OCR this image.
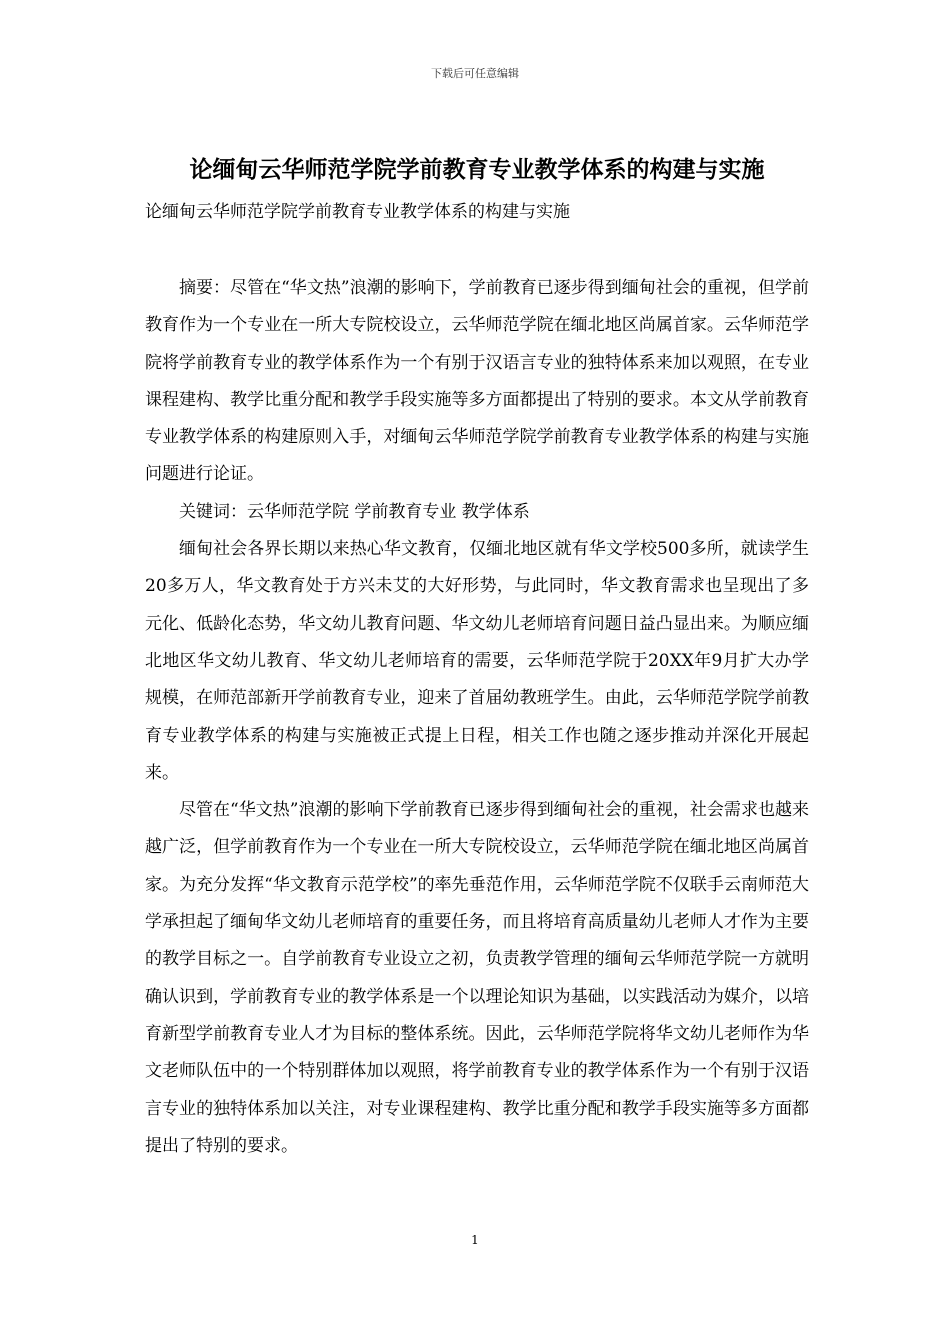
下载后可任意编辑
论缅甸云华师范学院学前教育专业教学体系的构建与实施
论缅甸云华师范学院学前教育专业教学体系的构建与实施

摘要：尽管在“华文热”浪潮的影响下，学前教育已逐步得到缅甸社会的重视，但学前教育作为一个专业在一所大专院校设立，云华师范学院在缅北地区尚属首家。云华师范学院将学前教育专业的教学体系作为一个有别于汉语言专业的独特体系来加以观照，在专业课程建构、教学比重分配和教学手段实施等多方面都提出了特别的要求。本文从学前教育专业教学体系的构建原则入手，对缅甸云华师范学院学前教育专业教学体系的构建与实施问题进行论证。

关键词：云华师范学院 学前教育专业 教学体系

缅甸社会各界长期以来热心华文教育，仅缅北地区就有华文学校500多所，就读学生20多万人，华文教育处于方兴未艾的大好形势，与此同时，华文教育需求也呈现出了多元化、低龄化态势，华文幼儿教育问题、华文幼儿老师培育问题日益凸显出来。为顺应缅北地区华文幼儿教育、华文幼儿老师培育的需要，云华师范学院于20XX年9月扩大办学规模，在师范部新开学前教育专业，迎来了首届幼教班学生。由此，云华师范学院学前教育专业教学体系的构建与实施被正式提上日程，相关工作也随之逐步推动并深化开展起来。

尽管在“华文热”浪潮的影响下学前教育已逐步得到缅甸社会的重视，社会需求也越来越广泛，但学前教育作为一个专业在一所大专院校设立，云华师范学院在缅北地区尚属首家。为充分发挥“华文教育示范学校”的率先垂范作用，云华师范学院不仅联手云南师范大学承担起了缅甸华文幼儿老师培育的重要任务，而且将培育高质量幼儿老师人才作为主要的教学目标之一。自学前教育专业设立之初，负责教学管理的缅甸云华师范学院一方就明确认识到，学前教育专业的教学体系是一个以理论知识为基础，以实践活动为媒介，以培育新型学前教育专业人才为目标的整体系统。因此，云华师范学院将华文幼儿老师作为华文老师队伍中的一个特别群体加以观照，将学前教育专业的教学体系作为一个有别于汉语言专业的独特体系加以关注，对专业课程建构、教学比重分配和教学手段实施等多方面都提出了特别的要求。

1
